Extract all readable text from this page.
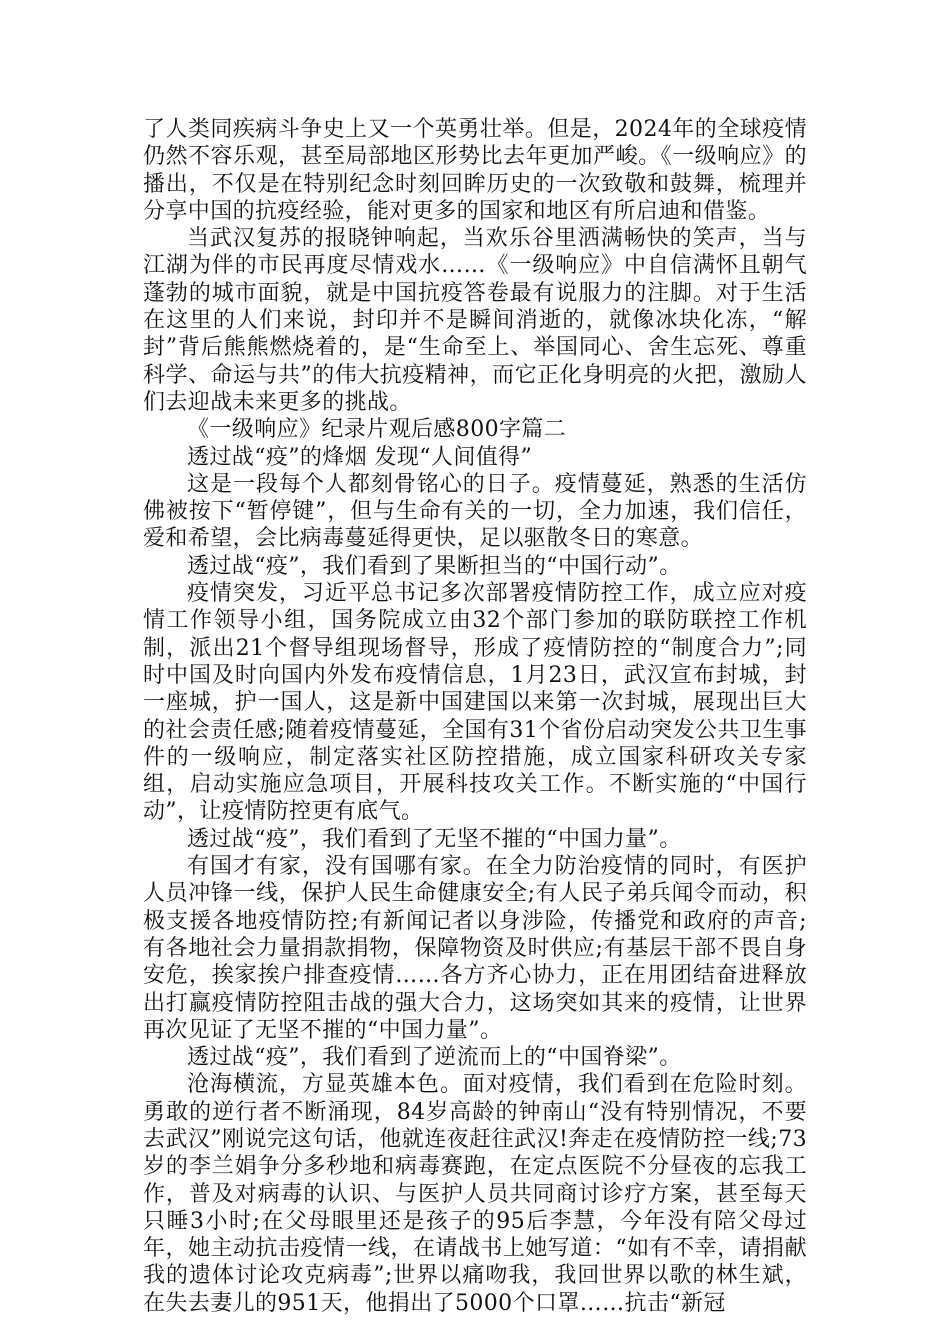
了人类同疾病斗争史上又一个英勇壮举。但是，2024年的全球疫情仍然不容乐观，甚至局部地区形势比去年更加严峻。《一级响应》的播出，不仅是在特别纪念时刻回眸历史的一次致敬和鼓舞，梳理并分享中国的抗疫经验，能对更多的国家和地区有所启迪和借鉴。

当武汉复苏的报晓钟响起，当欢乐谷里洒满畅快的笑声，当与江湖为伴的市民再度尽情戏水……《一级响应》中自信满怀且朝气蓬勃的城市面貌，就是中国抗疫答卷最有说服力的注脚。对于生活在这里的人们来说，封印并不是瞬间消逝的，就像冰块化冻，“解封”背后熊熊燃烧着的，是“生命至上、举国同心、舍生忘死、尊重科学、命运与共”的伟大抗疫精神，而它正化身明亮的火把，激励人们去迎战未来更多的挑战。

《一级响应》纪录片观后感800字篇二

透过战“疫”的烽烟 发现“人间值得”

这是一段每个人都刻骨铭心的日子。疫情蔓延，熟悉的生活仿佛被按下“暂停键”，但与生命有关的一切，全力加速，我们信任，爱和希望，会比病毒蔓延得更快，足以驱散冬日的寒意。

透过战“疫”，我们看到了果断担当的“中国行动”。

疫情突发，习近平总书记多次部署疫情防控工作，成立应对疫情工作领导小组，国务院成立由32个部门参加的联防联控工作机制，派出21个督导组现场督导，形成了疫情防控的“制度合力”;同时中国及时向国内外发布疫情信息，1月23日，武汉宣布封城，封一座城，护一国人，这是新中国建国以来第一次封城，展现出巨大的社会责任感;随着疫情蔓延，全国有31个省份启动突发公共卫生事件的一级响应，制定落实社区防控措施，成立国家科研攻关专家组，启动实施应急项目，开展科技攻关工作。不断实施的“中国行动”，让疫情防控更有底气。

透过战“疫”，我们看到了无坚不摧的“中国力量”。

有国才有家，没有国哪有家。在全力防治疫情的同时，有医护人员冲锋一线，保护人民生命健康安全;有人民子弟兵闻令而动，积极支援各地疫情防控;有新闻记者以身涉险，传播党和政府的声音;有各地社会力量捐款捐物，保障物资及时供应;有基层干部不畏自身安危，挨家挨户排查疫情……各方齐心协力，正在用团结奋进释放出打赢疫情防控阻击战的强大合力，这场突如其来的疫情，让世界再次见证了无坚不摧的“中国力量”。

透过战“疫”，我们看到了逆流而上的“中国脊梁”。

沧海横流，方显英雄本色。面对疫情，我们看到在危险时刻。勇敢的逆行者不断涌现，84岁高龄的钟南山“没有特别情况，不要去武汉”刚说完这句话，他就连夜赶往武汉!奔走在疫情防控一线;73岁的李兰娟争分多秒地和病毒赛跑，在定点医院不分昼夜的忘我工作，普及对病毒的认识、与医护人员共同商讨诊疗方案，甚至每天只睡3小时;在父母眼里还是孩子的95后李慧，今年没有陪父母过年，她主动抗击疫情一线，在请战书上她写道：“如有不幸，请捐献我的遗体讨论攻克病毒”;世界以痛吻我，我回世界以歌的林生斌，在失去妻儿的951天，他捐出了5000个口罩……抗击“新冠
